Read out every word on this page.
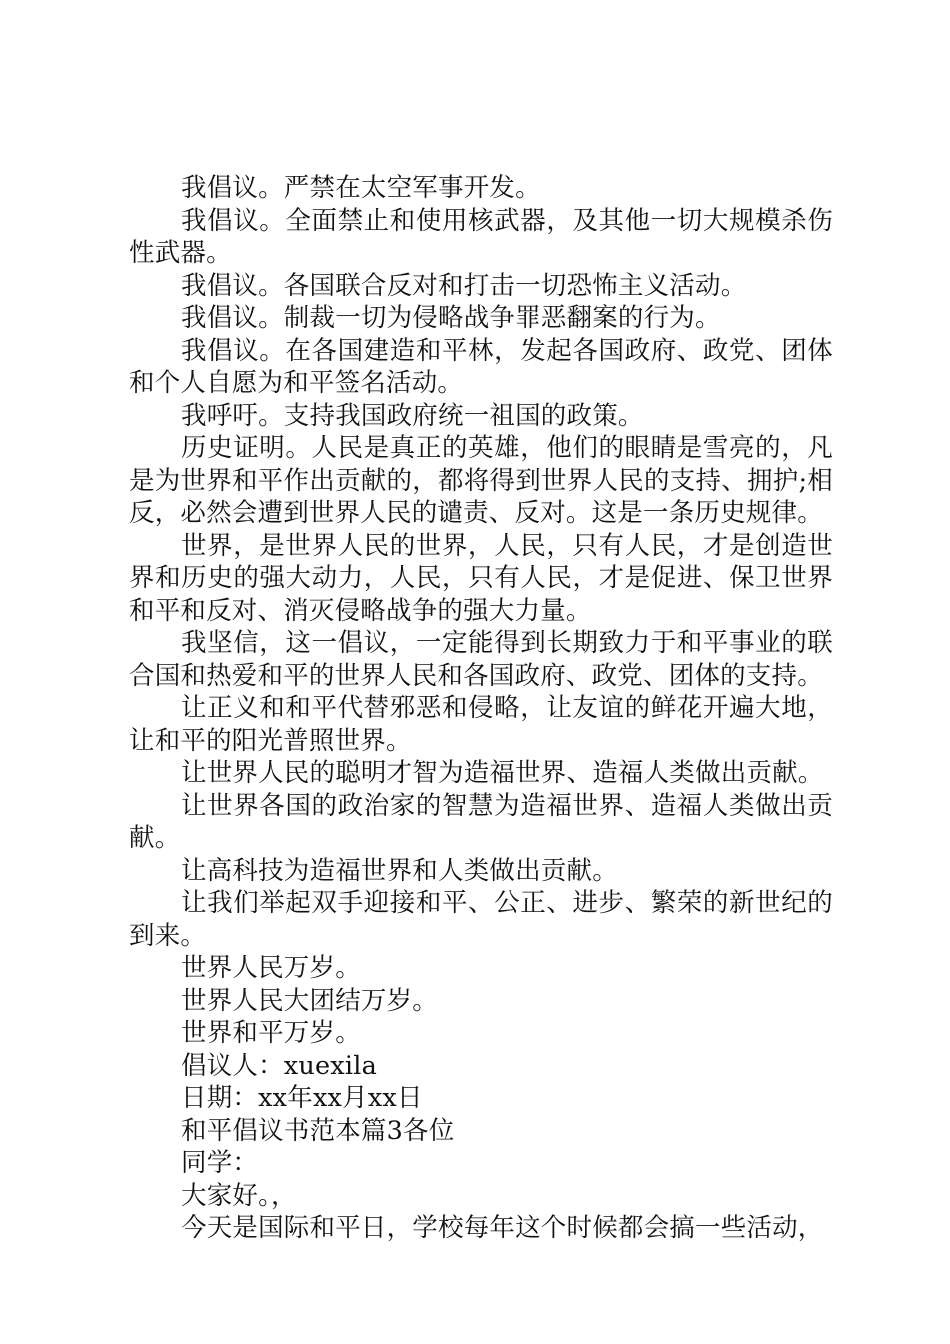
我倡议。严禁在太空军事开发。

我倡议。全面禁止和使用核武器，及其他一切大规模杀伤性武器。

我倡议。各国联合反对和打击一切恐怖主义活动。

我倡议。制裁一切为侵略战争罪恶翻案的行为。

我倡议。在各国建造和平林，发起各国政府、政党、团体和个人自愿为和平签名活动。

我呼吁。支持我国政府统一祖国的政策。

历史证明。人民是真正的英雄，他们的眼睛是雪亮的，凡是为世界和平作出贡献的，都将得到世界人民的支持、拥护;相反，必然会遭到世界人民的谴责、反对。这是一条历史规律。

世界，是世界人民的世界，人民，只有人民，才是创造世界和历史的强大动力，人民，只有人民，才是促进、保卫世界和平和反对、消灭侵略战争的强大力量。

我坚信，这一倡议，一定能得到长期致力于和平事业的联合国和热爱和平的世界人民和各国政府、政党、团体的支持。

让正义和和平代替邪恶和侵略，让友谊的鲜花开遍大地，让和平的阳光普照世界。

让世界人民的聪明才智为造福世界、造福人类做出贡献。

让世界各国的政治家的智慧为造福世界、造福人类做出贡献。

让高科技为造福世界和人类做出贡献。

让我们举起双手迎接和平、公正、进步、繁荣的新世纪的到来。

世界人民万岁。

世界人民大团结万岁。

世界和平万岁。

倡议人：xuexila

日期：xx年xx月xx日

和平倡议书范本篇3各位

同学：

大家好。，

今天是国际和平日，学校每年这个时候都会搞一些活动，
